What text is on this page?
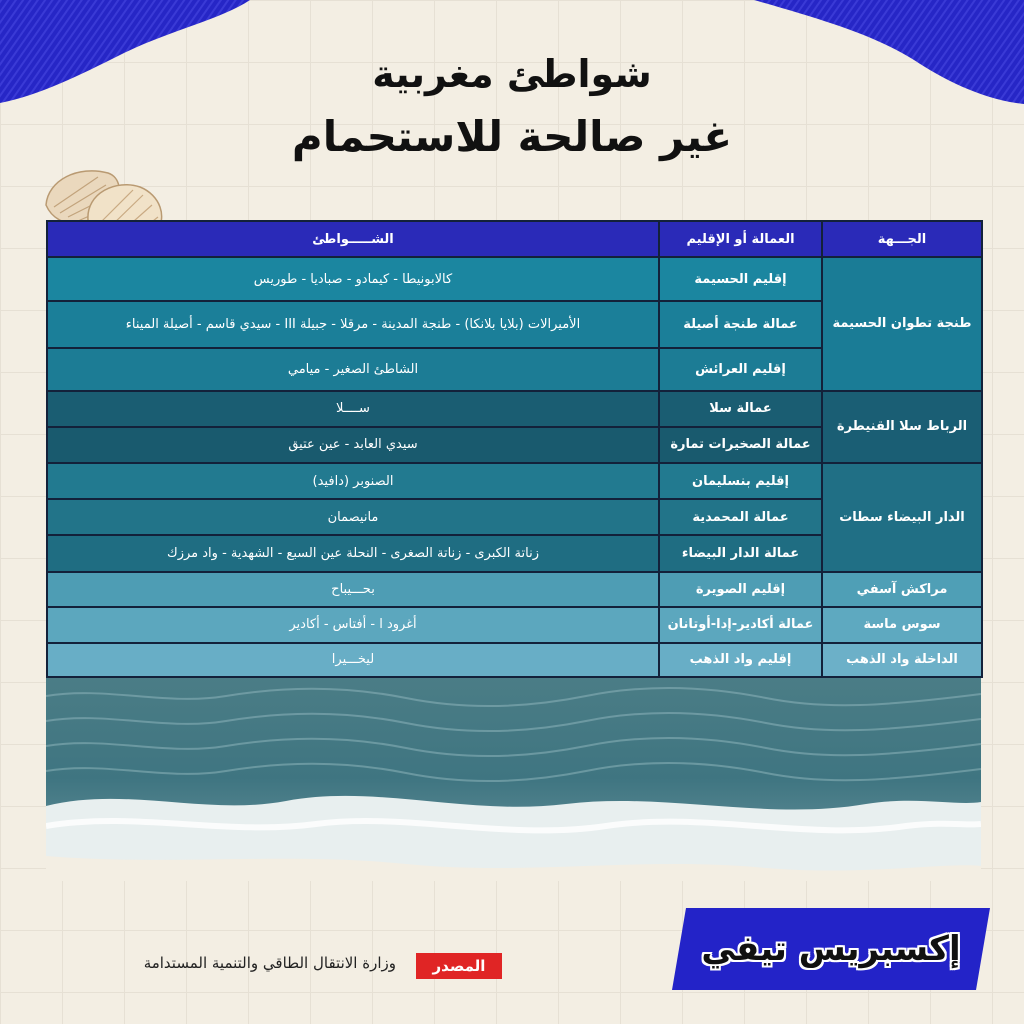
شواطئ مغربية
غير صالحة للاستحمام
الجـــهة	العمالة أو الإقليم	الشـــــواطئ
طنجة تطوان الحسيمة	إقليم الحسيمة	كالابونيطا - كيمادو - صباديا - طوريس
	عمالة طنجة أصيلة	الأميرالات (بلايا بلانكا) - طنجة المدينة - مرقلا - جبيلة III - سيدي قاسم - أصيلة الميناء
	إقليم العرائش	الشاطئ الصغير - ميامي
الرباط سلا القنيطرة	عمالة سلا	ســــلا
	عمالة الصخيرات تمارة	سيدي العابد - عين عتيق
الدار البيضاء سطات	إقليم بنسليمان	الصنوبر (دافيد)
	عمالة المحمدية	مانيصمان
	عمالة الدار البيضاء	زناتة الكبرى - زناتة الصغرى - النحلة عين السبع - الشهدية - واد مرزك
مراكش آسفي	إقليم الصويرة	بحـــيباح
سوس ماسة	عمالة أكادير-إدا-أوتانان	أغرود ا - أفتاس - أكادير
الداخلة واد الذهب	إقليم واد الذهب	ليخـــيرا
المصدر
وزارة الانتقال الطاقي والتنمية المستدامة	إكسبريس تيفي
